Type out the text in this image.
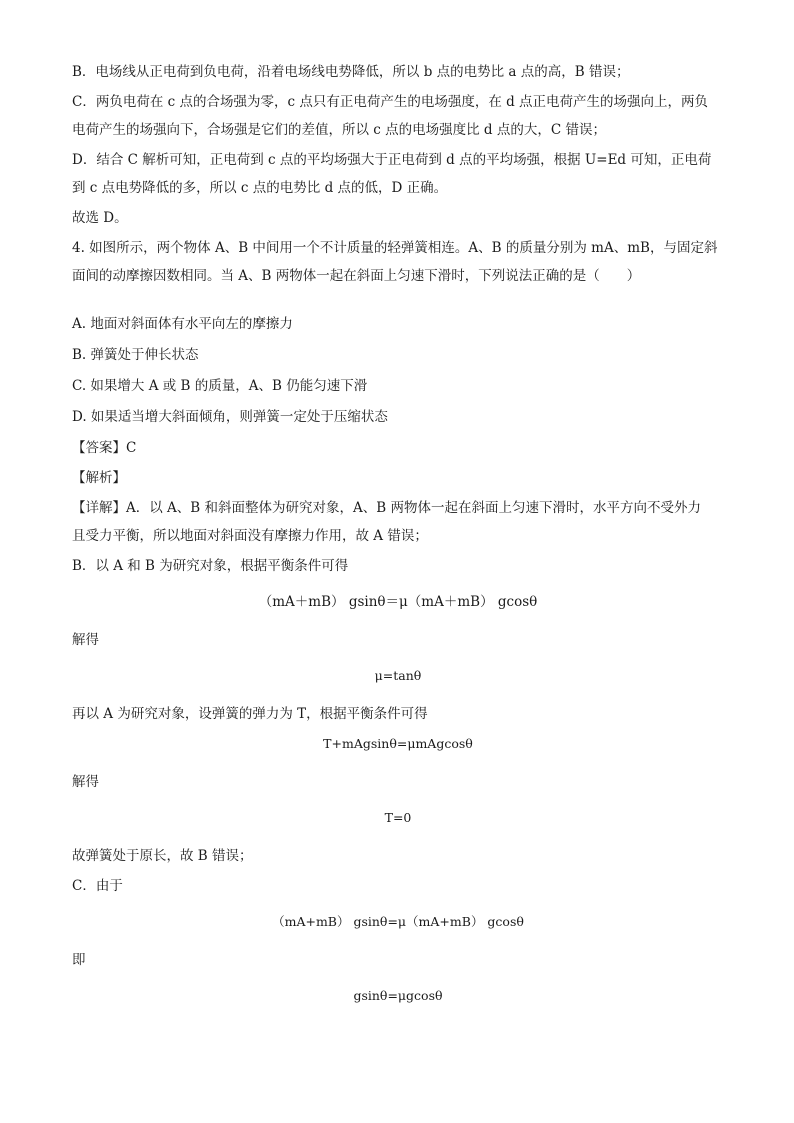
B．电场线从正电荷到负电荷，沿着电场线电势降低，所以 b 点的电势比 a 点的高，B 错误；

C．两负电荷在 c 点的合场强为零，c 点只有正电荷产生的电场强度，在 d 点正电荷产生的场强向上，两负

电荷产生的场强向下，合场强是它们的差值，所以 c 点的电场强度比 d 点的大，C 错误；

D．结合 C 解析可知，正电荷到 c 点的平均场强大于正电荷到 d 点的平均场强，根据 U=Ed 可知，正电荷

到 c 点电势降低的多，所以 c 点的电势比 d 点的低，D 正确。

故选 D。

4. 如图所示，两个物体 A、B 中间用一个不计质量的轻弹簧相连。A、B 的质量分别为 mA、mB，与固定斜

面间的动摩擦因数相同。当 A、B 两物体一起在斜面上匀速下滑时，下列说法正确的是（　　）

A. 地面对斜面体有水平向左的摩擦力

B. 弹簧处于伸长状态

C. 如果增大 A 或 B 的质量，A、B 仍能匀速下滑

D. 如果适当增大斜面倾角，则弹簧一定处于压缩状态

【答案】C

【解析】

【详解】A．以 A、B 和斜面整体为研究对象，A、B 两物体一起在斜面上匀速下滑时，水平方向不受外力

且受力平衡，所以地面对斜面没有摩擦力作用，故 A 错误；

B．以 A 和 B 为研究对象，根据平衡条件可得

（mA＋mB） gsinθ＝μ（mA＋mB） gcosθ

解得

μ=tanθ

再以 A 为研究对象，设弹簧的弹力为 T，根据平衡条件可得

T+mAgsinθ=μmAgcosθ

解得

T=0

故弹簧处于原长，故 B 错误；

C．由于

（mA+mB） gsinθ=μ（mA+mB） gcosθ

即

gsinθ=μgcosθ
